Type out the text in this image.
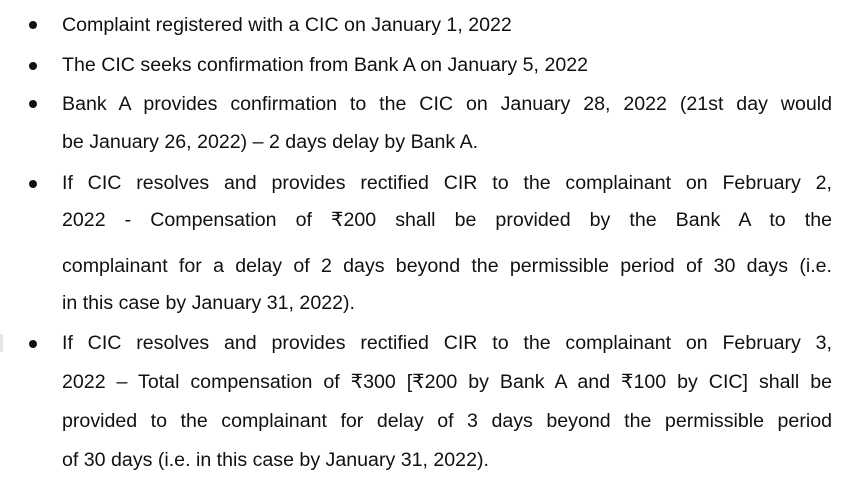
Complaint registered with a CIC on January 1, 2022
The CIC seeks confirmation from Bank A on January 5, 2022
Bank A provides confirmation to the CIC on January 28, 2022 (21st day would
be January 26, 2022) – 2 days delay by Bank A.
If CIC resolves and provides rectified CIR to the complainant on February 2,
2022 - Compensation of ₹200 shall be provided by the Bank A to the
complainant for a delay of 2 days beyond the permissible period of 30 days (i.e.
in this case by January 31, 2022).
If CIC resolves and provides rectified CIR to the complainant on February 3,
2022 – Total compensation of ₹300 [₹200 by Bank A and ₹100 by CIC] shall be
provided to the complainant for delay of 3 days beyond the permissible period
of 30 days (i.e. in this case by January 31, 2022).
